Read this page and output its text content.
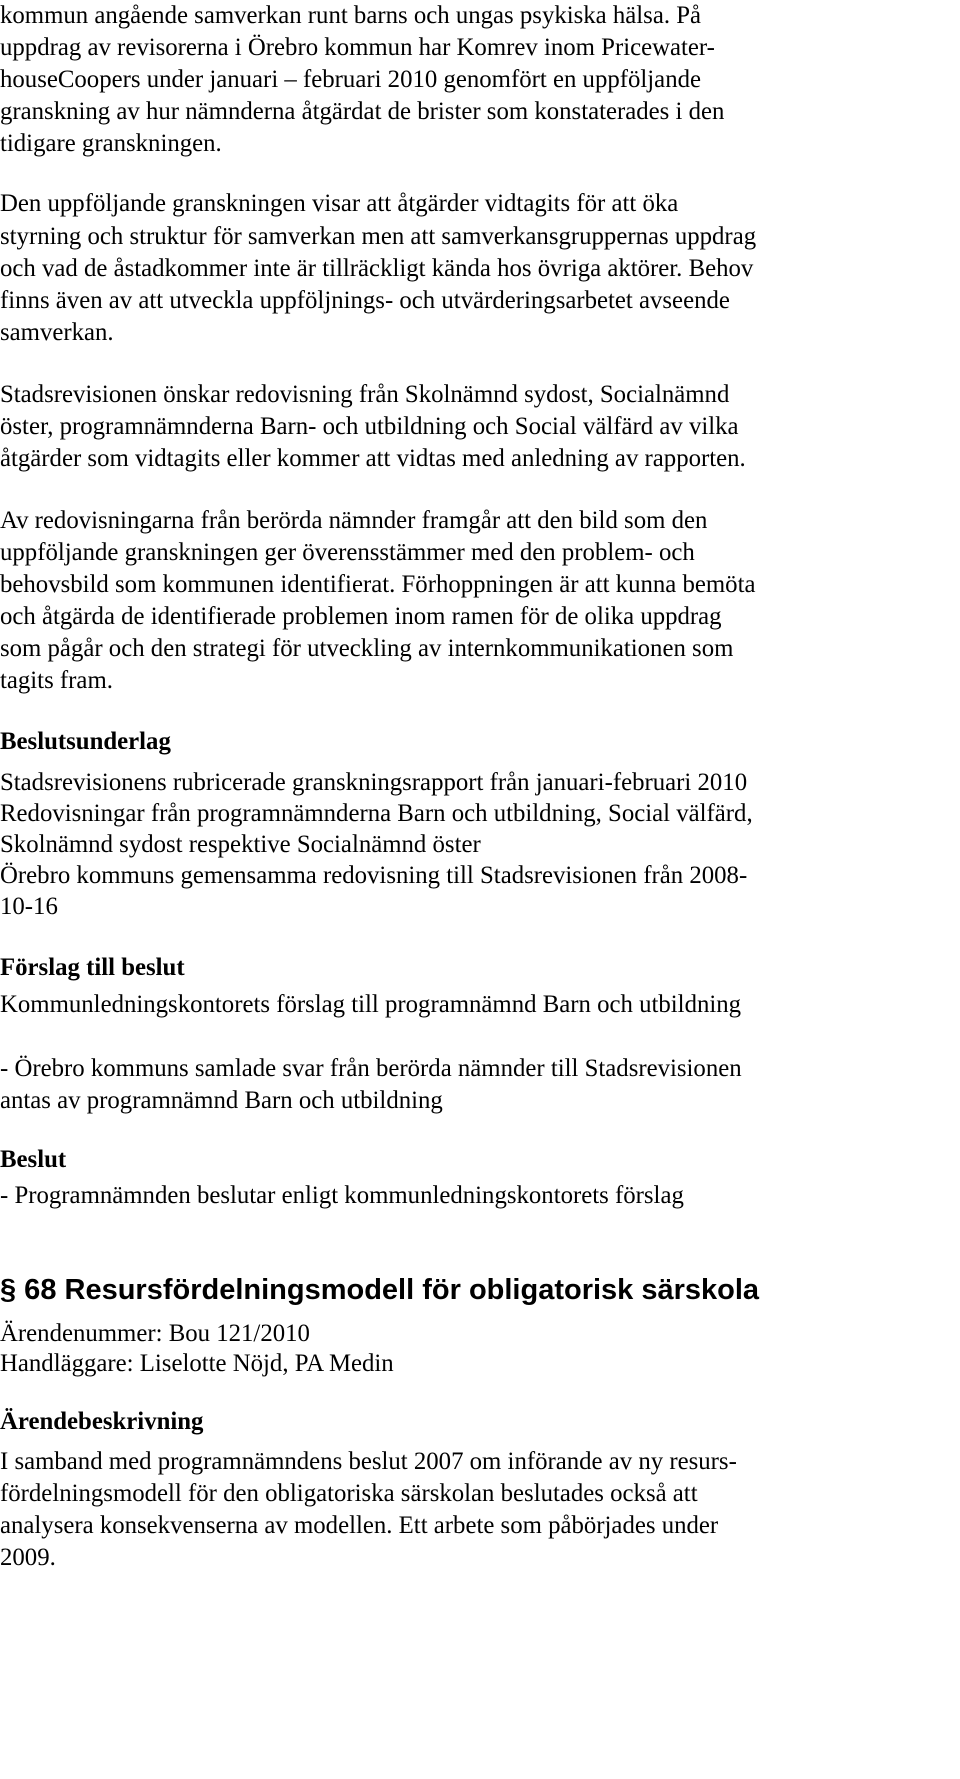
kommun angående samverkan runt barns och ungas psykiska hälsa. På
uppdrag av revisorerna i Örebro kommun har Komrev inom Pricewater-
houseCoopers under januari – februari 2010 genomfört en uppföljande
granskning av hur nämnderna åtgärdat de brister som konstaterades i den
tidigare granskningen.
Den uppföljande granskningen visar att åtgärder vidtagits för att öka
styrning och struktur för samverkan men att samverkansgruppernas uppdrag
och vad de åstadkommer inte är tillräckligt kända hos övriga aktörer. Behov
finns även av att utveckla uppföljnings- och utvärderingsarbetet avseende
samverkan.
Stadsrevisionen önskar redovisning från Skolnämnd sydost, Socialnämnd
öster, programnämnderna Barn- och utbildning och Social välfärd av vilka
åtgärder som vidtagits eller kommer att vidtas med anledning av rapporten.
Av redovisningarna från berörda nämnder framgår att den bild som den
uppföljande granskningen ger överensstämmer med den problem- och
behovsbild som kommunen identifierat. Förhoppningen är att kunna bemöta
och åtgärda de identifierade problemen inom ramen för de olika uppdrag
som pågår och den strategi för utveckling av internkommunikationen som
tagits fram.
Beslutsunderlag
Stadsrevisionens rubricerade granskningsrapport från januari-februari 2010
Redovisningar från programnämnderna Barn och utbildning, Social välfärd,
Skolnämnd sydost respektive Socialnämnd öster
Örebro kommuns gemensamma redovisning till Stadsrevisionen från 2008-
10-16
Förslag till beslut
Kommunledningskontorets förslag till programnämnd Barn och utbildning
- Örebro kommuns samlade svar från berörda nämnder till Stadsrevisionen
antas av programnämnd Barn och utbildning
Beslut
- Programnämnden beslutar enligt kommunledningskontorets förslag
§ 68 Resursfördelningsmodell för obligatorisk särskola
Ärendenummer: Bou 121/2010
Handläggare: Liselotte Nöjd, PA Medin
Ärendebeskrivning
I samband med programnämndens beslut 2007 om införande av ny resurs-
fördelningsmodell för den obligatoriska särskolan beslutades också att
analysera konsekvenserna av modellen. Ett arbete som påbörjades under
2009.
